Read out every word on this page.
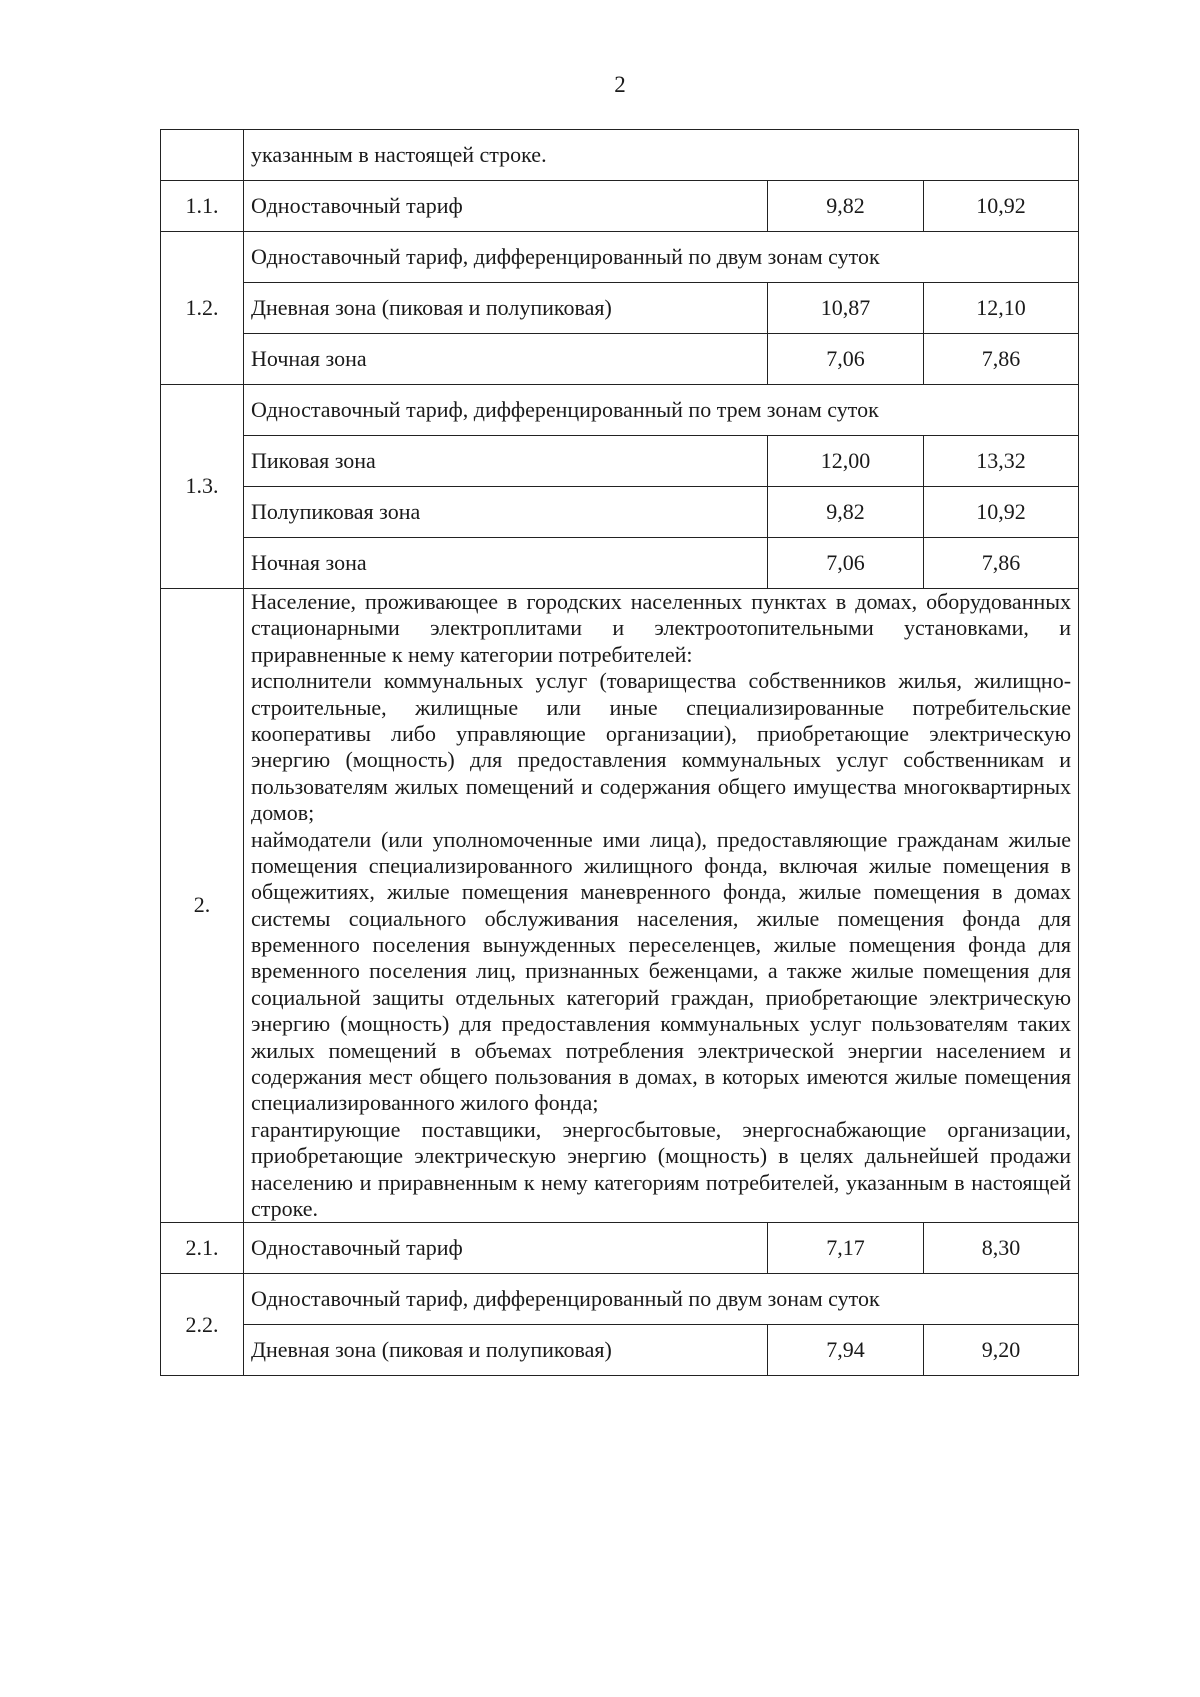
2
	указанным в настоящей строке.		
1.1.	Одноставочный тариф	9,82	10,92
1.2.	Одноставочный тариф, дифференцированный по двум зонам суток		
	Дневная зона (пиковая и полупиковая)	10,87	12,10
	Ночная зона	7,06	7,86
1.3.	Одноставочный тариф, дифференцированный по трем зонам суток		
	Пиковая зона	12,00	13,32
	Полупиковая зона	9,82	10,92
	Ночная зона	7,06	7,86
2.	Население, проживающее в городских населенных пунктах в домах, оборудованных стационарными электроплитами и электроотопительными установками, и приравненные к нему категории потребителей:

исполнители коммунальных услуг (товарищества собственников жилья, жилищно-строительные, жилищные или иные специализированные потребительские кооперативы либо управляющие организации), приобретающие электрическую энергию (мощность) для предоставления коммунальных услуг собственникам и пользователям жилых помещений и содержания общего имущества многоквартирных домов;

наймодатели (или уполномоченные ими лица), предоставляющие гражданам жилые помещения специализированного жилищного фонда, включая жилые помещения в общежитиях, жилые помещения маневренного фонда, жилые помещения в домах системы социального обслуживания населения, жилые помещения фонда для временного поселения вынужденных переселенцев, жилые помещения фонда для временного поселения лиц, признанных беженцами, а также жилые помещения для социальной защиты отдельных категорий граждан, приобретающие электрическую энергию (мощность) для предоставления коммунальных услуг пользователям таких жилых помещений в объемах потребления электрической энергии населением и содержания мест общего пользования в домах, в которых имеются жилые помещения специализированного жилого фонда;

гарантирующие поставщики, энергосбытовые, энергоснабжающие организации, приобретающие электрическую энергию (мощность) в целях дальнейшей продажи населению и приравненным к нему категориям потребителей, указанным в настоящей строке.		

2.1.	Одноставочный тариф	7,17	8,30
2.2.	Одноставочный тариф, дифференцированный по двум зонам суток		
	Дневная зона (пиковая и полупиковая)	7,94	9,20
